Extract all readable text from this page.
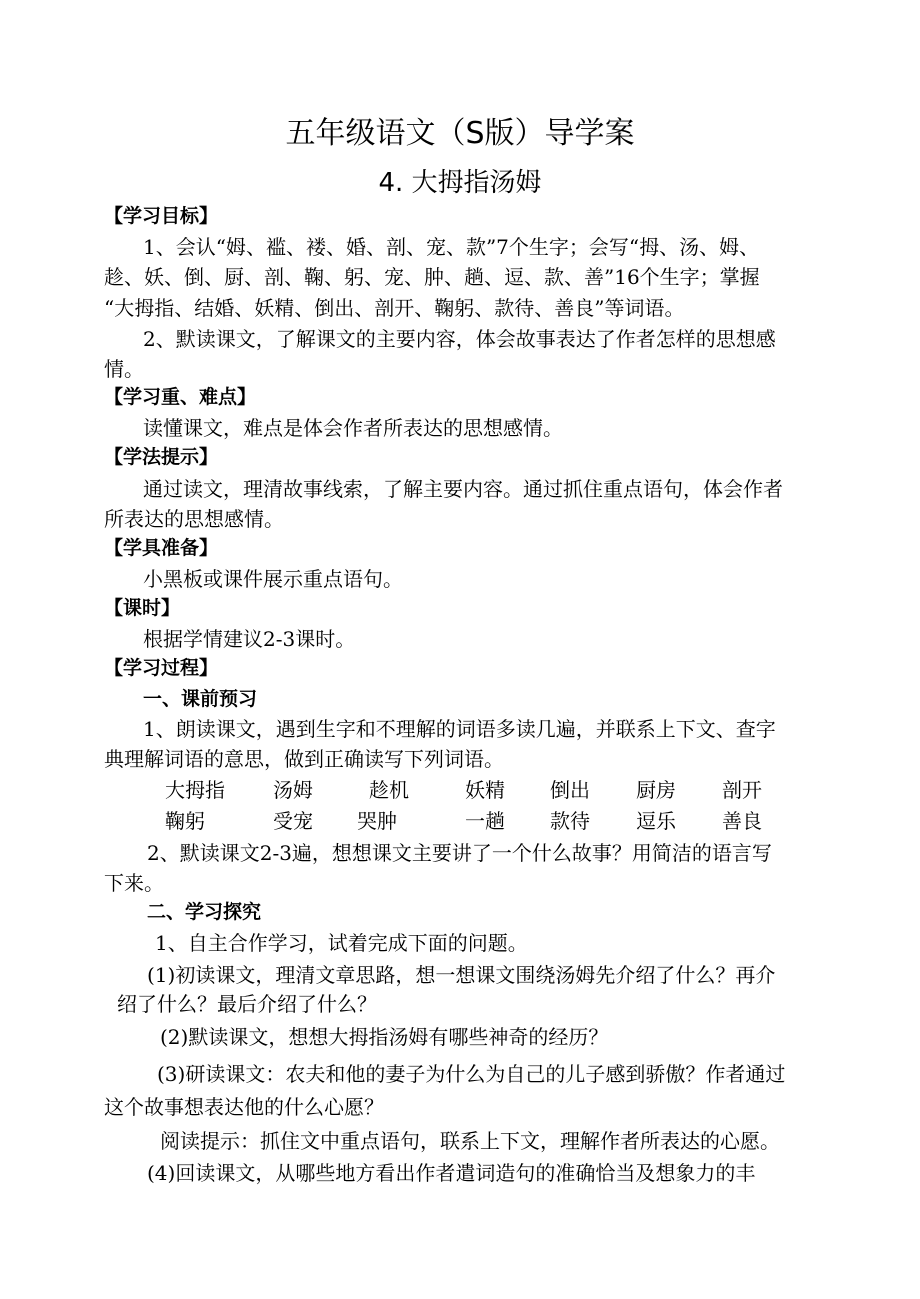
五年级语文（S版）导学案
4. 大拇指汤姆
【学习目标】
1、会认“姆、褴、褛、婚、剖、宠、款”7个生字；会写“拇、汤、姆、
趁、妖、倒、厨、剖、鞠、躬、宠、肿、趟、逗、款、善”16个生字；掌握
“大拇指、结婚、妖精、倒出、剖开、鞠躬、款待、善良”等词语。
2、默读课文，了解课文的主要内容，体会故事表达了作者怎样的思想感
情。
【学习重、难点】
读懂课文，难点是体会作者所表达的思想感情。
【学法提示】
通过读文，理清故事线索，了解主要内容。通过抓住重点语句，体会作者
所表达的思想感情。
【学具准备】
小黑板或课件展示重点语句。
【课时】
根据学情建议2-3课时。
【学习过程】
一、课前预习
1、朗读课文，遇到生字和不理解的词语多读几遍，并联系上下文、查字
典理解词语的意思，做到正确读写下列词语。
大拇指 汤姆	趁机	妖精 倒出 厨房 剖开
鞠躬	受宠 哭肿	一趟 款待 逗乐 善良
2、默读课文2-3遍，想想课文主要讲了一个什么故事？用简洁的语言写
下来。
二、学习探究
1、自主合作学习，试着完成下面的问题。
(1)初读课文，理清文章思路，想一想课文围绕汤姆先介绍了什么？再介
绍了什么？最后介绍了什么？
(2)默读课文，想想大拇指汤姆有哪些神奇的经历？
(3)研读课文：农夫和他的妻子为什么为自己的儿子感到骄傲？作者通过
这个故事想表达他的什么心愿？
阅读提示：抓住文中重点语句，联系上下文，理解作者所表达的心愿。
(4)回读课文，从哪些地方看出作者遣词造句的准确恰当及想象力的丰
